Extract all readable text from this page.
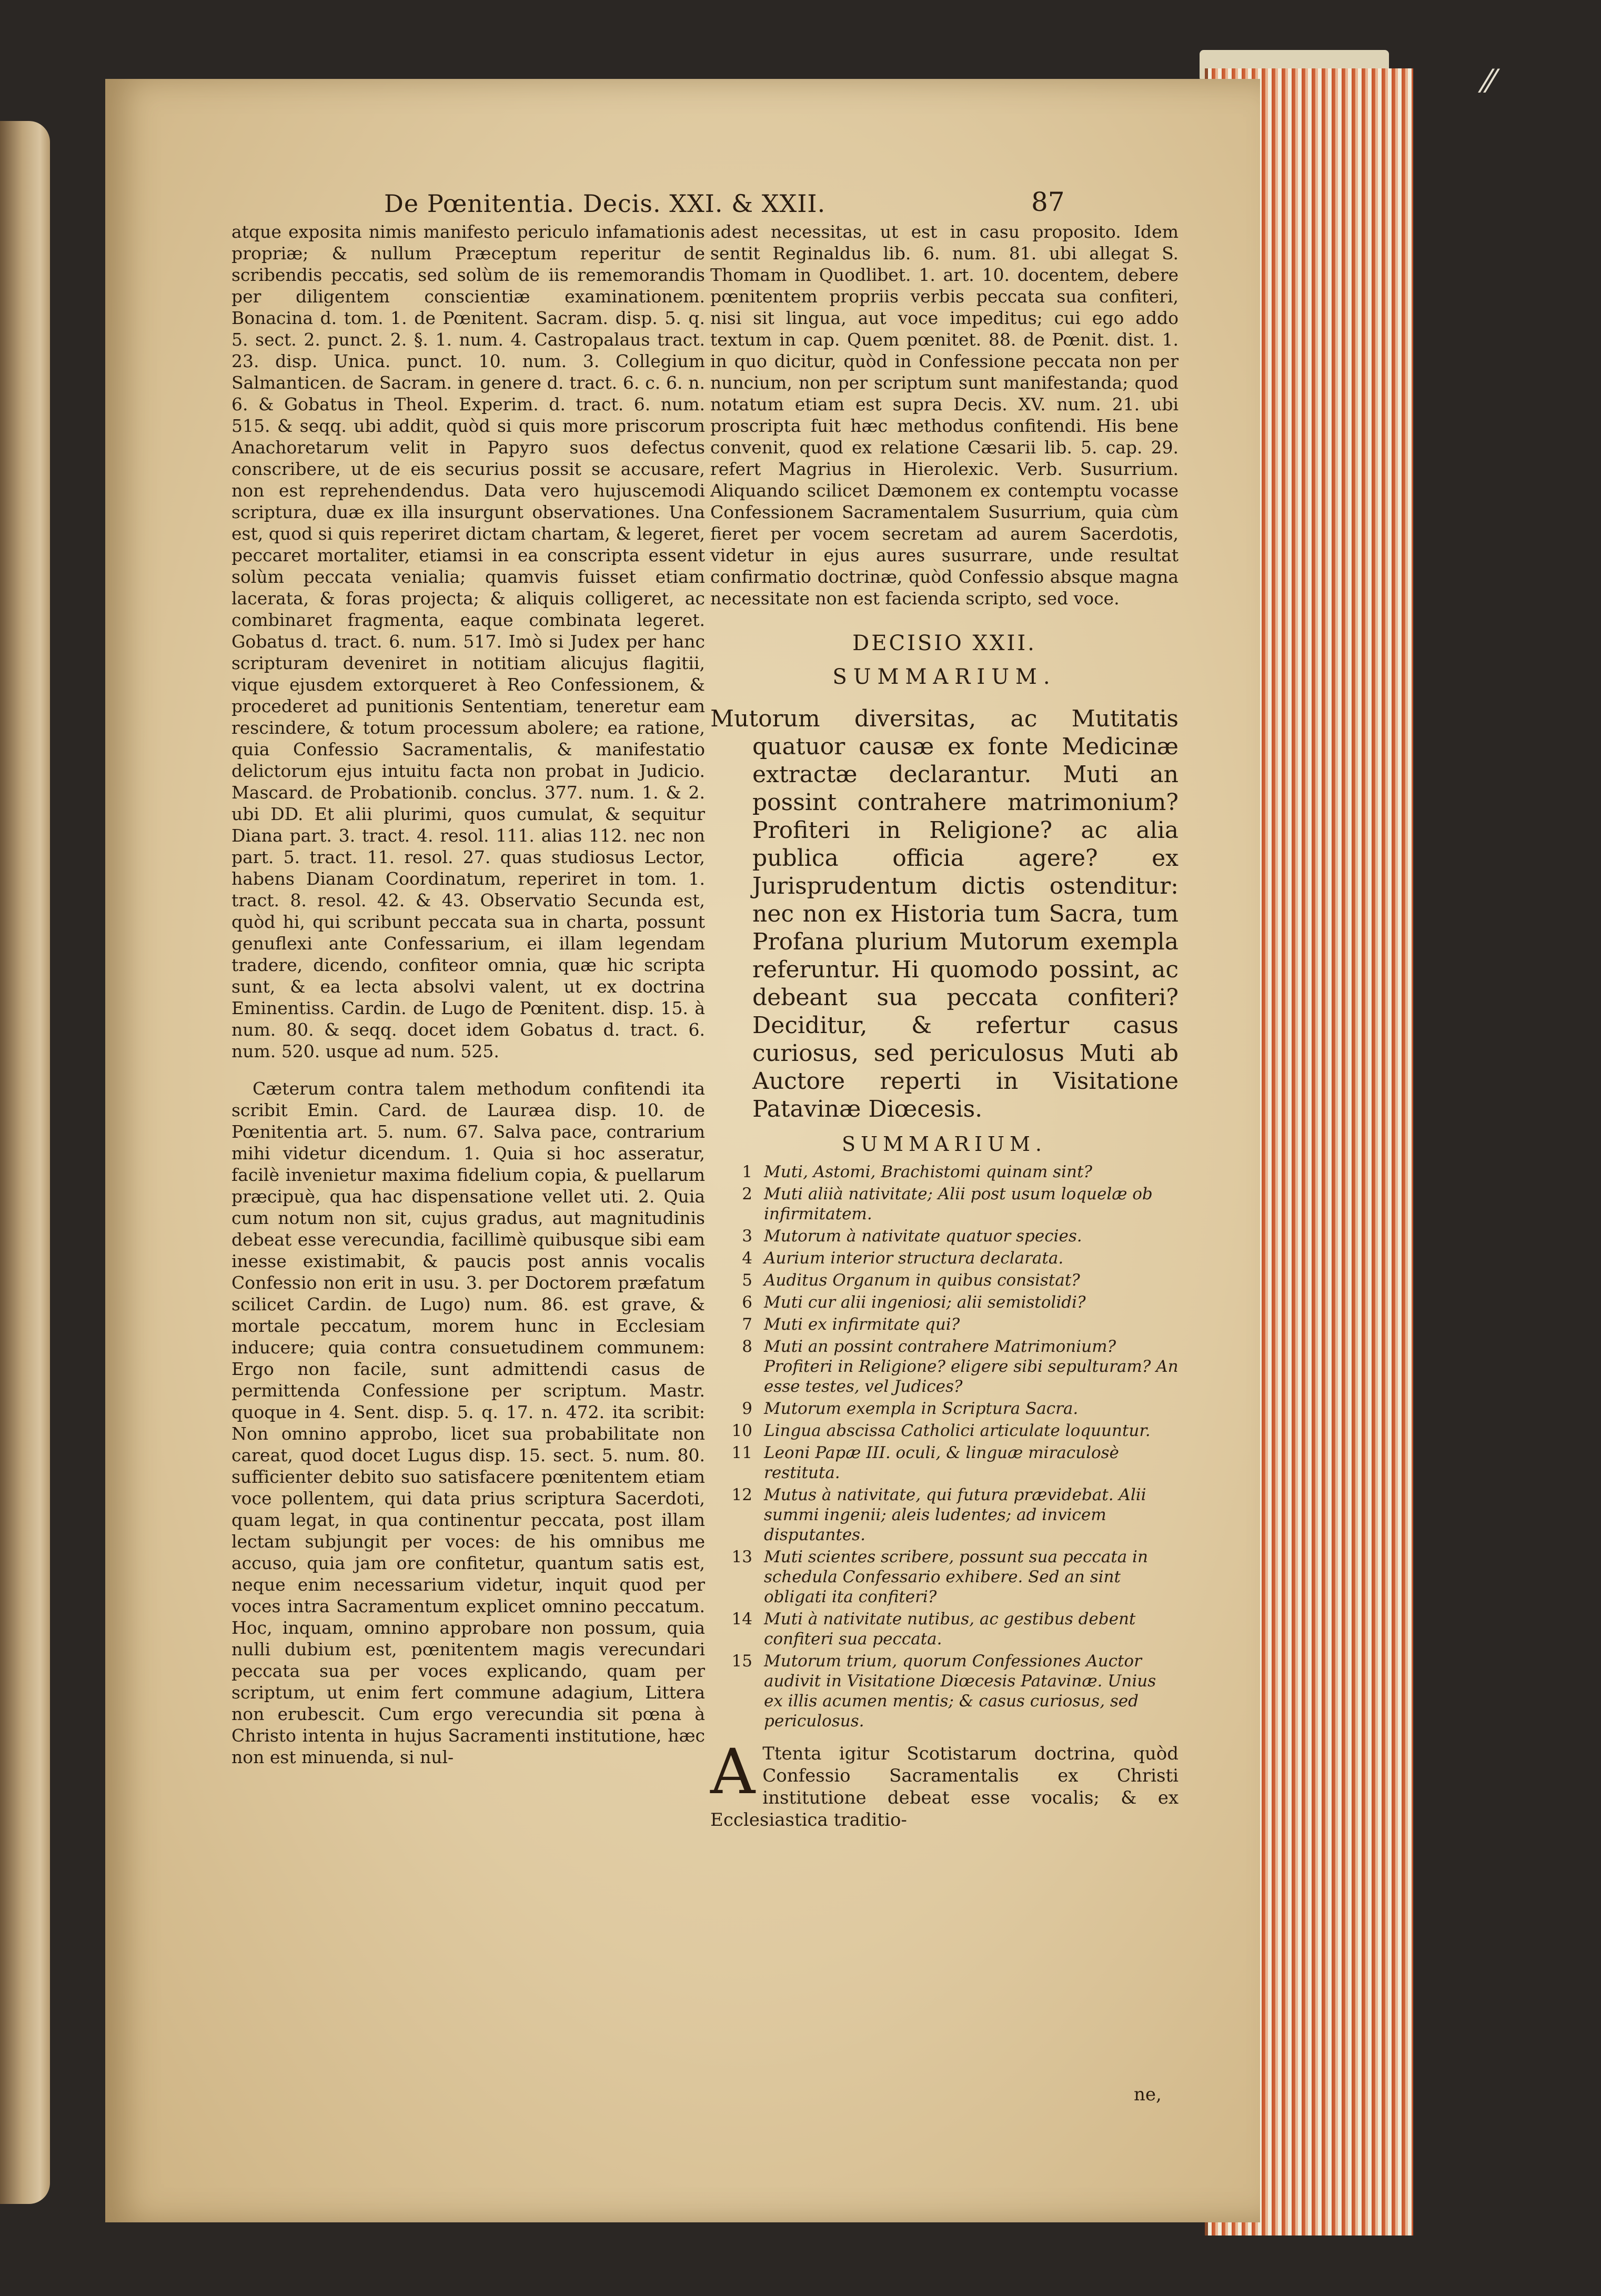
De Pœnitentia. Decis. XXI. & XXII.	87

atque exposita nimis manifesto periculo infamationis propriæ; & nullum Præceptum reperitur de scribendis peccatis, sed solùm de iis rememorandis per diligentem conscientiæ examinationem. Bonacina d. tom. 1. de Pœnitent. Sacram. disp. 5. q. 5. sect. 2. punct. 2. §. 1. num. 4. Castropalaus tract. 23. disp. Unica. punct. 10. num. 3. Collegium Salmanticen. de Sacram. in genere d. tract. 6. c. 6. n. 6. & Gobatus in Theol. Experim. d. tract. 6. num. 515. & seqq. ubi addit, quòd si quis more priscorum Anachoretarum velit in Papyro suos defectus conscribere, ut de eis securius possit se accusare, non est reprehendendus. Data vero hujuscemodi scriptura, duæ ex illa insurgunt observationes. Una est, quod si quis reperiret dictam chartam, & legeret, peccaret mortaliter, etiamsi in ea conscripta essent solùm peccata venialia; quamvis fuisset etiam lacerata, & foras projecta; & aliquis colligeret, ac combinaret fragmenta, eaque combinata legeret. Gobatus d. tract. 6. num. 517. Imò si Judex per hanc scripturam deveniret in notitiam alicujus flagitii, vique ejusdem extorqueret à Reo Confessionem, & procederet ad punitionis Sententiam, teneretur eam rescindere, & totum processum abolere; ea ratione, quia Confessio Sacramentalis, & manifestatio delictorum ejus intuitu facta non probat in Judicio. Mascard. de Probationib. conclus. 377. num. 1. & 2. ubi DD. Et alii plurimi, quos cumulat, & sequitur Diana part. 3. tract. 4. resol. 111. alias 112. nec non part. 5. tract. 11. resol. 27. quas studiosus Lector, habens Dianam Coordinatum, reperiret in tom. 1. tract. 8. resol. 42. & 43. Observatio Secunda est, quòd hi, qui scribunt peccata sua in charta, possunt genuflexi ante Confessarium, ei illam legendam tradere, dicendo, confiteor omnia, quæ hic scripta sunt, & ea lecta absolvi valent, ut ex doctrina Eminentiss. Cardin. de Lugo de Pœnitent. disp. 15. à num. 80. & seqq. docet idem Gobatus d. tract. 6. num. 520. usque ad num. 525.

Cæterum contra talem methodum confitendi ita scribit Emin. Card. de Lauræa disp. 10. de Pœnitentia art. 5. num. 67. Salva pace, contrarium mihi videtur dicendum. 1. Quia si hoc asseratur, facilè invenietur maxima fidelium copia, & puellarum præcipuè, qua hac dispensatione vellet uti. 2. Quia cum notum non sit, cujus gradus, aut magnitudinis debeat esse verecundia, facillimè quibusque sibi eam inesse existimabit, & paucis post annis vocalis Confessio non erit in usu. 3. per Doctorem præfatum scilicet Cardin. de Lugo) num. 86. est grave, & mortale peccatum, morem hunc in Ecclesiam inducere; quia contra consuetudinem communem: Ergo non facile, sunt admittendi casus de permittenda Confessione per scriptum. Mastr. quoque in 4. Sent. disp. 5. q. 17. n. 472. ita scribit: Non omnino approbo, licet sua probabilitate non careat, quod docet Lugus disp. 15. sect. 5. num. 80. sufficienter debito suo satisfacere pœnitentem etiam voce pollentem, qui data prius scriptura Sacerdoti, quam legat, in qua continentur peccata, post illam lectam subjungit per voces: de his omnibus me accuso, quia jam ore confitetur, quantum satis est, neque enim necessarium videtur, inquit quod per voces intra Sacramentum explicet omnino peccatum. Hoc, inquam, omnino approbare non possum, quia nulli dubium est, pœnitentem magis verecundari peccata sua per voces explicando, quam per scriptum, ut enim fert commune adagium, Littera non erubescit. Cum ergo verecundia sit pœna à Christo intenta in hujus Sacramenti institutione, hæc non est minuenda, si nul-

adest necessitas, ut est in casu proposito. Idem sentit Reginaldus lib. 6. num. 81. ubi allegat S. Thomam in Quodlibet. 1. art. 10. docentem, debere pœnitentem propriis verbis peccata sua confiteri, nisi sit lingua, aut voce impeditus; cui ego addo textum in cap. Quem pœnitet. 88. de Pœnit. dist. 1. in quo dicitur, quòd in Confessione peccata non per nuncium, non per scriptum sunt manifestanda; quod notatum etiam est supra Decis. XV. num. 21. ubi proscripta fuit hæc methodus confitendi. His bene convenit, quod ex relatione Cæsarii lib. 5. cap. 29. refert Magrius in Hierolexic. Verb. Susurrium. Aliquando scilicet Dæmonem ex contemptu vocasse Confessionem Sacramentalem Susurrium, quia cùm fieret per vocem secretam ad aurem Sacerdotis, videtur in ejus aures susurrare, unde resultat confirmatio doctrinæ, quòd Confessio absque magna necessitate non est facienda scripto, sed voce.

DECISIO XXII.
SUMMARIUM.
Mutorum diversitas, ac Mutitatis quatuor causæ ex fonte Medicinæ extractæ declarantur. Muti an possint contrahere matrimonium? Profiteri in Religione? ac alia publica officia agere? ex Jurisprudentum dictis ostenditur: nec non ex Historia tum Sacra, tum Profana plurium Mutorum exempla referuntur. Hi quomodo possint, ac debeant sua peccata confiteri? Deciditur, & refertur casus curiosus, sed periculosus Muti ab Auctore reperti in Visitatione Patavinæ Diœcesis.
SUMMARIUM.
1 Muti, Astomi, Brachistomi quinam sint?
2 Muti aliià nativitate; Alii post usum loquelæ ob infirmitatem.
3 Mutorum à nativitate quatuor species.
4 Aurium interior structura declarata.
5 Auditus Organum in quibus consistat?
6 Muti cur alii ingeniosi; alii semistolidi?
7 Muti ex infirmitate qui?
8 Muti an possint contrahere Matrimonium? Profiteri in Religione? eligere sibi sepulturam? An esse testes, vel Judices?
9 Mutorum exempla in Scriptura Sacra.
10 Lingua abscissa Catholici articulate loquuntur.
11 Leoni Papæ III. oculi, & linguæ miraculosè restituta.
12 Mutus à nativitate, qui futura prævidebat. Alii summi ingenii; aleis ludentes; ad invicem disputantes.
13 Muti scientes scribere, possunt sua peccata in schedula Confessario exhibere. Sed an sint obligati ita confiteri?
14 Muti à nativitate nutibus, ac gestibus debent confiteri sua peccata.
15 Mutorum trium, quorum Confessiones Auctor audivit in Visitatione Diœcesis Patavinæ. Unius ex illis acumen mentis; & casus curiosus, sed periculosus.
A Ttenta igitur Scotistarum doctrina, quòd Confessio Sacramentalis ex Christi institutione debeat esse vocalis; & ex Ecclesiastica traditio-
ne,
⁄⁄
